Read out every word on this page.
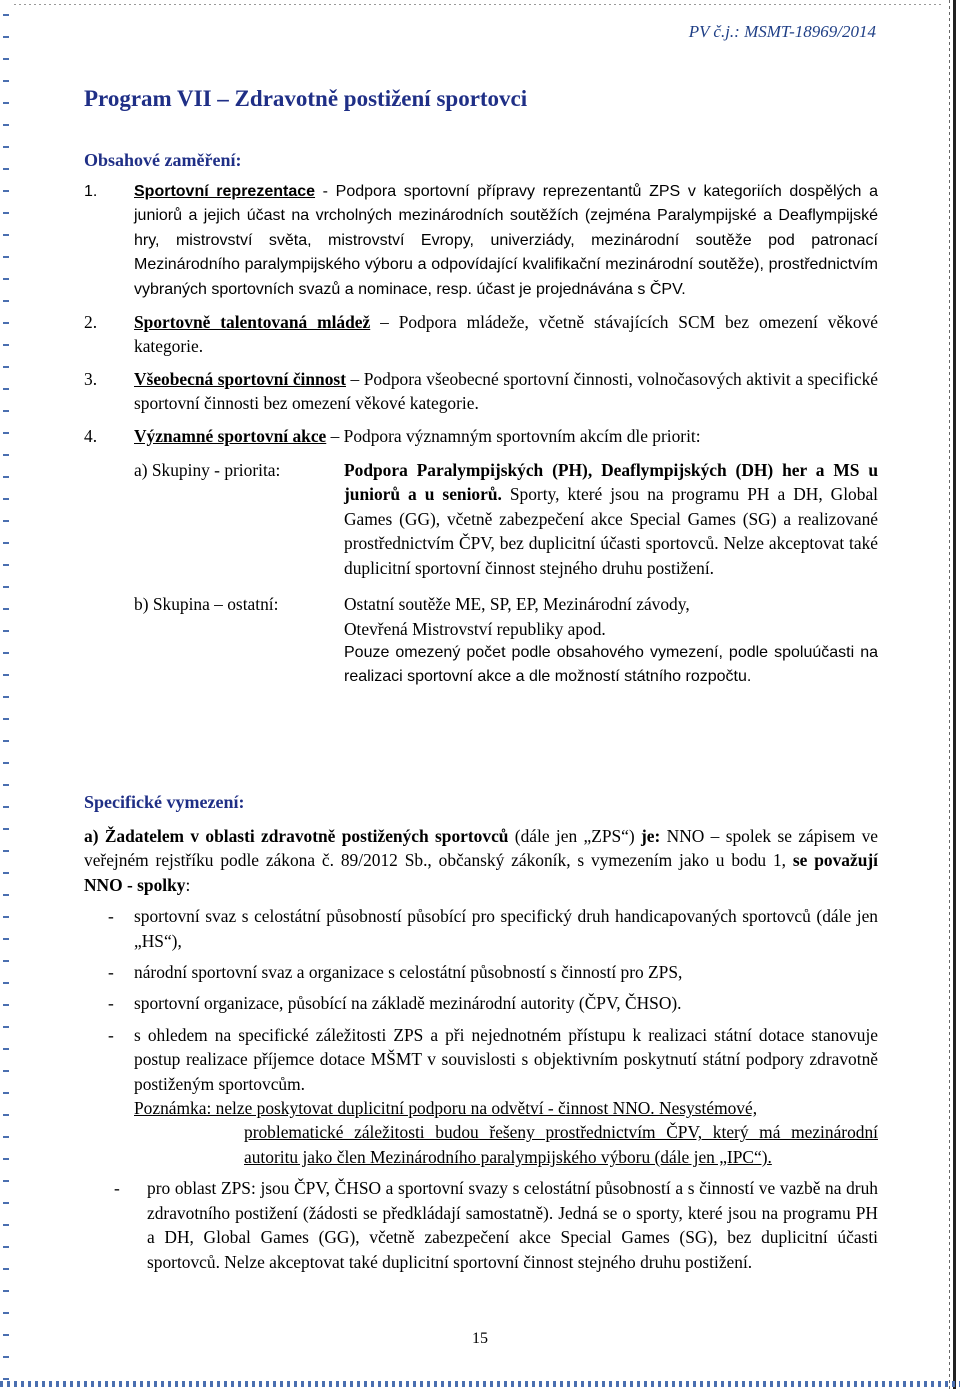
PV č.j.: MSMT-18969/2014
Program VII – Zdravotně postižení sportovci
Obsahové zaměření:
1. Sportovní reprezentace - Podpora sportovní přípravy reprezentantů ZPS v kategoriích dospělých a juniorů a jejich účast na vrcholných mezinárodních soutěžích (zejména Paralympijské a Deaflympijské hry, mistrovství světa, mistrovství Evropy, univerziády, mezinárodní soutěže pod patronací Mezinárodního paralympijského výboru a odpovídající kvalifikační mezinárodní soutěže), prostřednictvím vybraných sportovních svazů a nominace, resp. účast je projednávána s ČPV.
2. Sportovně talentovaná mládež – Podpora mládeže, včetně stávajících SCM bez omezení věkové kategorie.
3. Všeobecná sportovní činnost – Podpora všeobecné sportovní činnosti, volnočasových aktivit a specifické sportovní činnosti bez omezení věkové kategorie.
4. Významné sportovní akce – Podpora významným sportovním akcím dle priorit:
a) Skupiny - priorita:	Podpora Paralympijských (PH), Deaflympijských (DH) her a MS u juniorů a u seniorů. Sporty, které jsou na programu PH a DH, Global Games (GG), včetně zabezpečení akce Special Games (SG) a realizované prostřednictvím ČPV, bez duplicitní účasti sportovců. Nelze akceptovat také duplicitní sportovní činnost stejného druhu postižení.
b) Skupina – ostatní:	Ostatní soutěže ME, SP, EP, Mezinárodní závody,
Otevřená Mistrovství republiky apod.
Pouze omezený počet podle obsahového vymezení, podle spoluúčasti na realizaci sportovní akce a dle možností státního rozpočtu.
Specifické vymezení:
a) Žadatelem v oblasti zdravotně postižených sportovců (dále jen „ZPS“) je: NNO – spolek se zápisem ve veřejném rejstříku podle zákona č. 89/2012 Sb., občanský zákoník, s vymezením jako u bodu 1, se považují NNO - spolky:
- sportovní svaz s celostátní působností působící pro specifický druh handicapovaných sportovců (dále jen „HS“),
- národní sportovní svaz a organizace s celostátní působností s činností pro ZPS,
- sportovní organizace, působící na základě mezinárodní autority (ČPV, ČHSO).
- s ohledem na specifické záležitosti ZPS a při nejednotném přístupu k realizaci státní dotace stanovuje postup realizace příjemce dotace MŠMT v souvislosti s objektivním poskytnutí státní podpory zdravotně postiženým sportovcům.
Poznámka: nelze poskytovat duplicitní podporu na odvětví - činnost NNO. Nesystémové,
problematické záležitosti budou řešeny prostřednictvím ČPV, který má mezinárodní autoritu jako člen Mezinárodního paralympijského výboru (dále jen „IPC“).
- pro oblast ZPS: jsou ČPV, ČHSO a sportovní svazy s celostátní působností a s činností ve vazbě na druh zdravotního postižení (žádosti se předkládají samostatně). Jedná se o sporty, které jsou na programu PH a DH, Global Games (GG), včetně zabezpečení akce Special Games (SG), bez duplicitní účasti sportovců. Nelze akceptovat také duplicitní sportovní činnost stejného druhu postižení.
15
